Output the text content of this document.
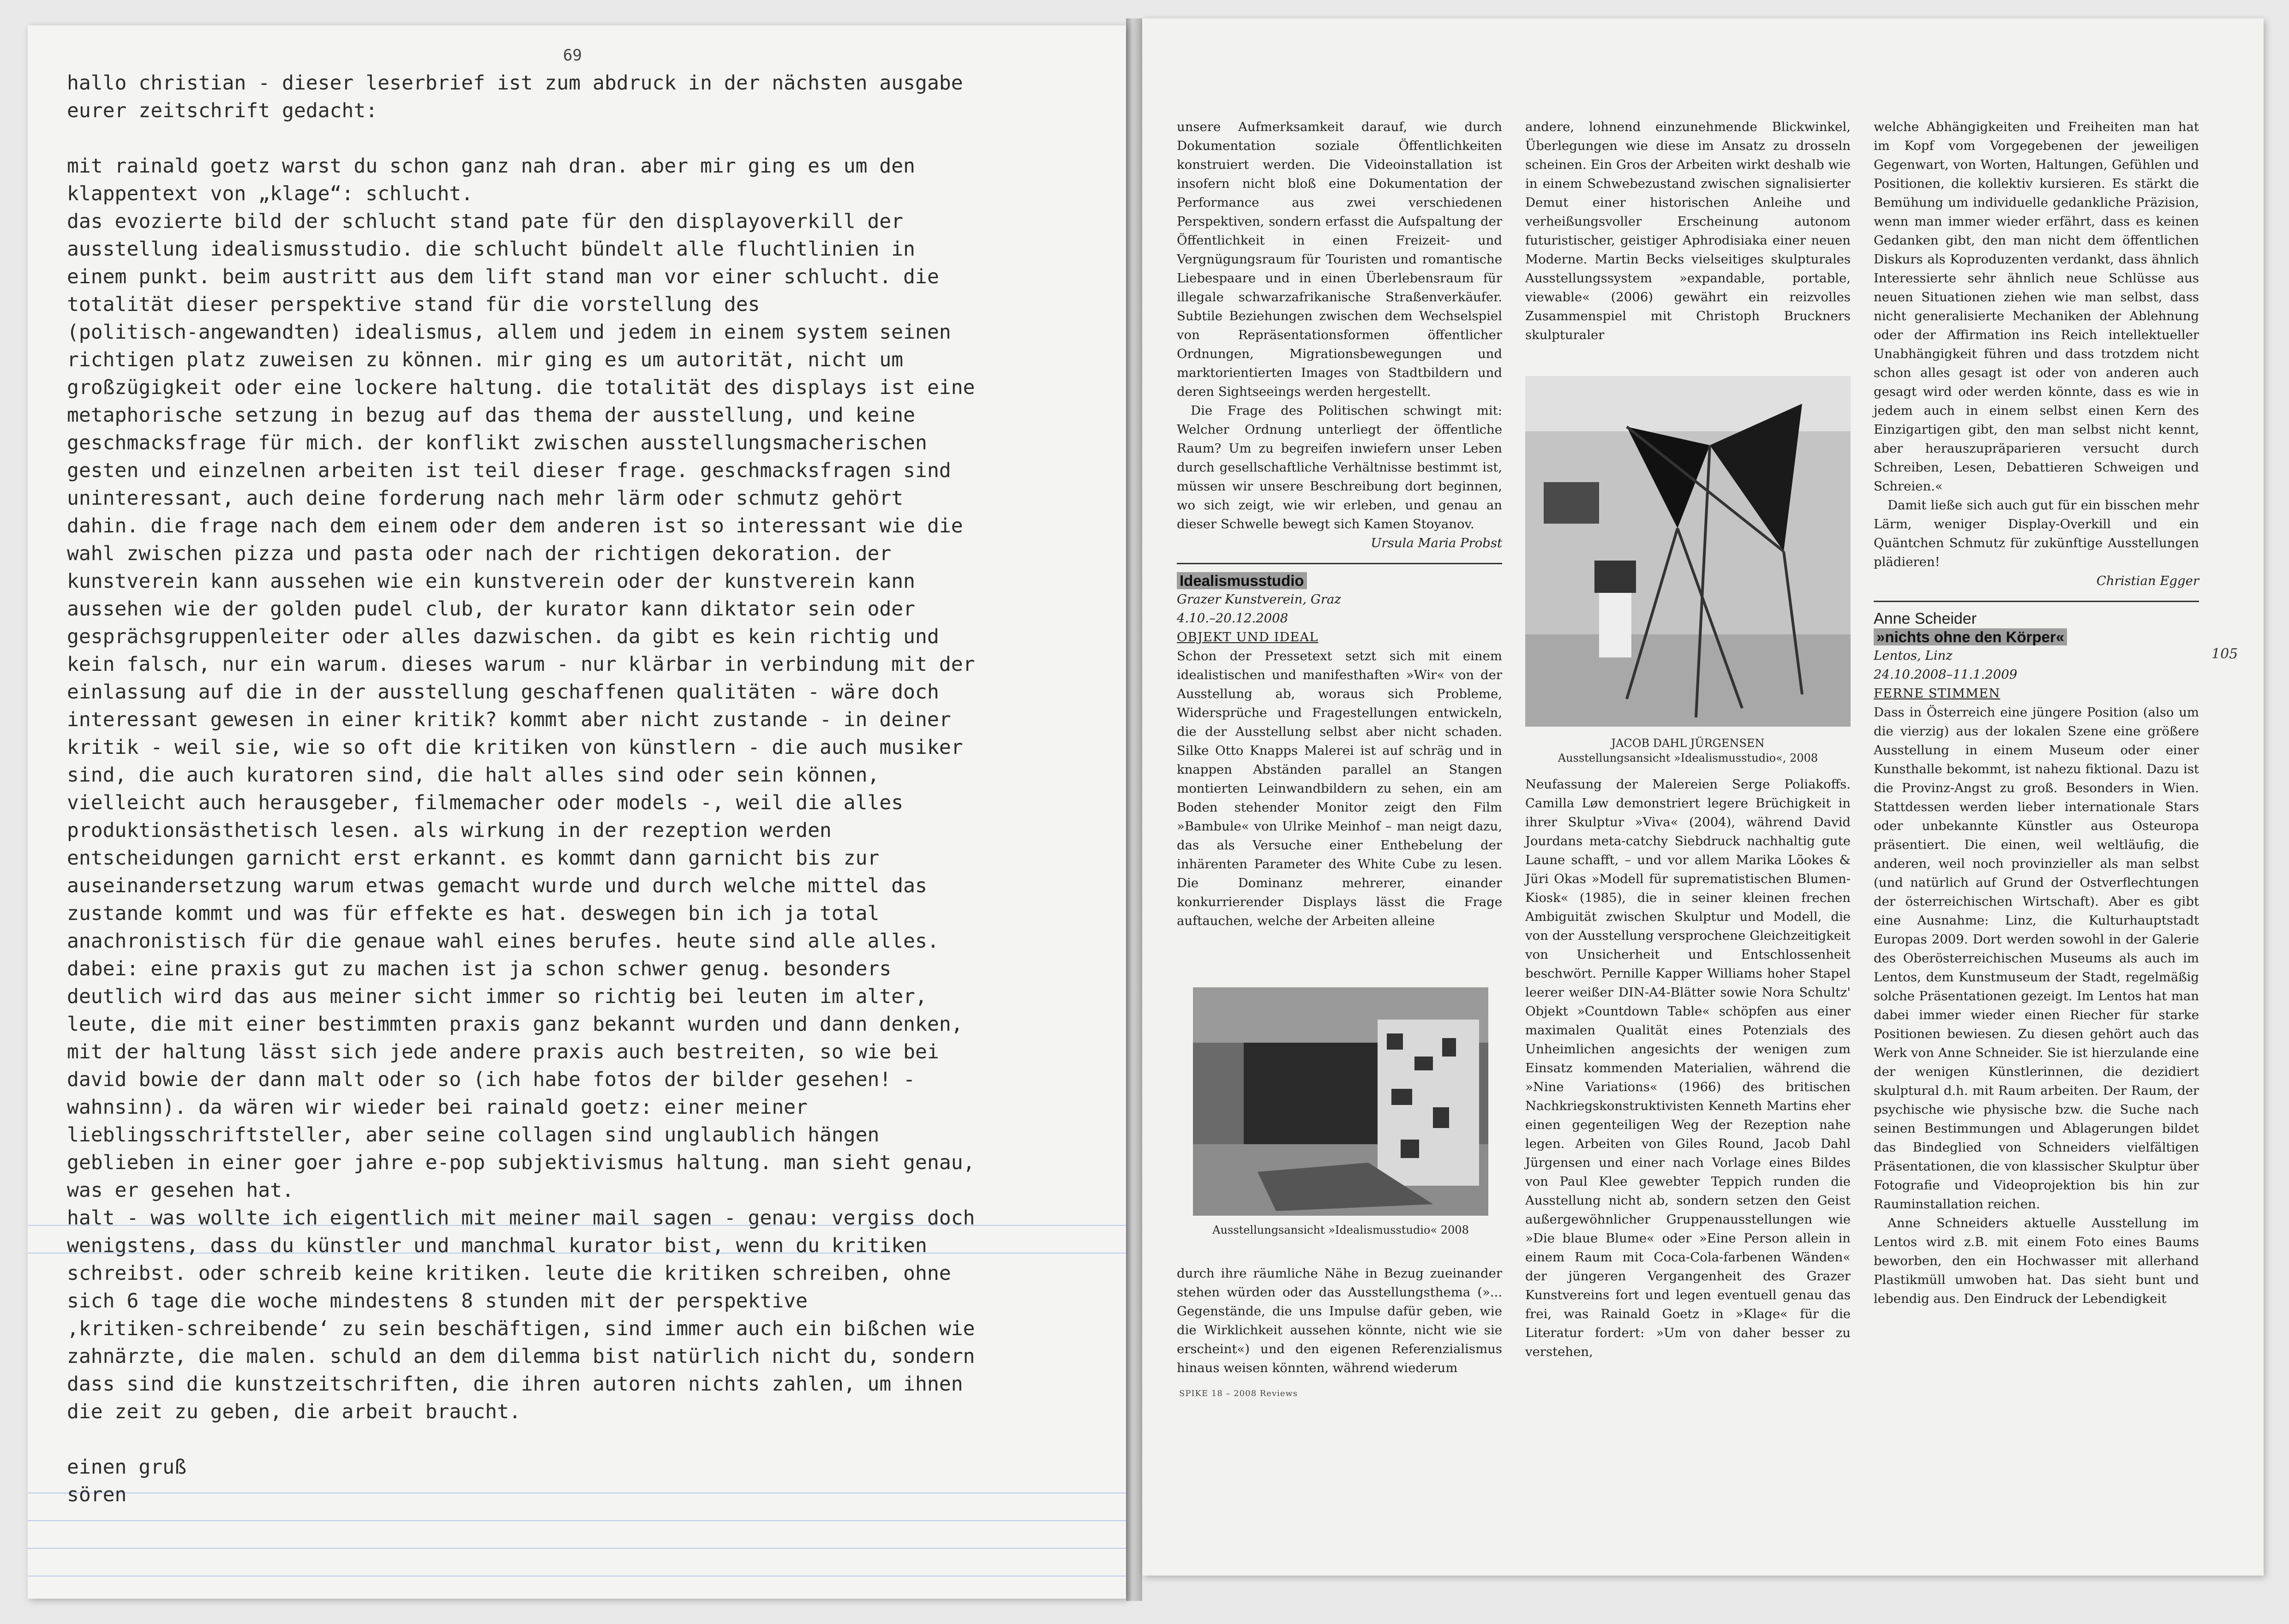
69
hallo christian - dieser leserbrief ist zum abdruck in der nächsten ausgabe
eurer zeitschrift gedacht:

mit rainald goetz warst du schon ganz nah dran. aber mir ging es um den
klappentext von „klage“: schlucht.
das evozierte bild der schlucht stand pate für den displayoverkill der
ausstellung idealismusstudio. die schlucht bündelt alle fluchtlinien in
einem punkt. beim austritt aus dem lift stand man vor einer schlucht. die
totalität dieser perspektive stand für die vorstellung des
(politisch-angewandten) idealismus, allem und jedem in einem system seinen
richtigen platz zuweisen zu können. mir ging es um autorität, nicht um
großzügigkeit oder eine lockere haltung. die totalität des displays ist eine
metaphorische setzung in bezug auf das thema der ausstellung, und keine
geschmacksfrage für mich. der konflikt zwischen ausstellungsmacherischen
gesten und einzelnen arbeiten ist teil dieser frage. geschmacksfragen sind
uninteressant, auch deine forderung nach mehr lärm oder schmutz gehört
dahin. die frage nach dem einem oder dem anderen ist so interessant wie die
wahl zwischen pizza und pasta oder nach der richtigen dekoration. der
kunstverein kann aussehen wie ein kunstverein oder der kunstverein kann
aussehen wie der golden pudel club, der kurator kann diktator sein oder
gesprächsgruppenleiter oder alles dazwischen. da gibt es kein richtig und
kein falsch, nur ein warum. dieses warum - nur klärbar in verbindung mit der
einlassung auf die in der ausstellung geschaffenen qualitäten - wäre doch
interessant gewesen in einer kritik? kommt aber nicht zustande - in deiner
kritik - weil sie, wie so oft die kritiken von künstlern - die auch musiker
sind, die auch kuratoren sind, die halt alles sind oder sein können,
vielleicht auch herausgeber, filmemacher oder models -, weil die alles
produktionsästhetisch lesen. als wirkung in der rezeption werden
entscheidungen garnicht erst erkannt. es kommt dann garnicht bis zur
auseinandersetzung warum etwas gemacht wurde und durch welche mittel das
zustande kommt und was für effekte es hat. deswegen bin ich ja total
anachronistisch für die genaue wahl eines berufes. heute sind alle alles.
dabei: eine praxis gut zu machen ist ja schon schwer genug. besonders
deutlich wird das aus meiner sicht immer so richtig bei leuten im alter,
leute, die mit einer bestimmten praxis ganz bekannt wurden und dann denken,
mit der haltung lässt sich jede andere praxis auch bestreiten, so wie bei
david bowie der dann malt oder so (ich habe fotos der bilder gesehen! -
wahnsinn). da wären wir wieder bei rainald goetz: einer meiner
lieblingsschriftsteller, aber seine collagen sind unglaublich hängen
geblieben in einer goer jahre e-pop subjektivismus haltung. man sieht genau,
was er gesehen hat.
halt - was wollte ich eigentlich mit meiner mail sagen - genau: vergiss doch
wenigstens, dass du künstler und manchmal kurator bist, wenn du kritiken
schreibst. oder schreib keine kritiken. leute die kritiken schreiben, ohne
sich 6 tage die woche mindestens 8 stunden mit der perspektive
‚kritiken-schreibende‘ zu sein beschäftigen, sind immer auch ein bißchen wie
zahnärzte, die malen. schuld an dem dilemma bist natürlich nicht du, sondern
dass sind die kunstzeitschriften, die ihren autoren nichts zahlen, um ihnen
die zeit zu geben, die arbeit braucht.

einen gruß
sören

unsere Aufmerksamkeit darauf, wie durch Dokumentation soziale Öffentlichkeiten konstruiert werden. Die Videoinstallation ist insofern nicht bloß eine Dokumentation der Performance aus zwei verschiedenen Perspektiven, sondern erfasst die Aufspaltung der Öffentlichkeit in einen Freizeit- und Vergnügungsraum für Touristen und romantische Liebespaare und in einen Überlebensraum für illegale schwarzafrikanische Straßenverkäufer. Subtile Beziehungen zwischen dem Wechselspiel von Repräsentationsformen öffentlicher Ordnungen, Migrationsbewegungen und marktorientierten Images von Stadtbildern und deren Sightseeings werden hergestellt.

Die Frage des Politischen schwingt mit: Welcher Ordnung unterliegt der öffentliche Raum? Um zu begreifen inwiefern unser Leben durch gesellschaftliche Verhältnisse bestimmt ist, müssen wir unsere Beschreibung dort beginnen, wo sich zeigt, wie wir erleben, und genau an dieser Schwelle bewegt sich Kamen Stoyanov.

Ursula Maria Probst

Idealismusstudio

Grazer Kunstverein, Graz

4.10.–20.12.2008

OBJEKT UND IDEAL

Schon der Pressetext setzt sich mit einem idealistischen und manifesthaften »Wir« von der Ausstellung ab, woraus sich Probleme, Widersprüche und Fragestellungen entwickeln, die der Ausstellung selbst aber nicht schaden. Silke Otto Knapps Malerei ist auf schräg und in knappen Abständen parallel an Stangen montierten Leinwandbildern zu sehen, ein am Boden stehender Monitor zeigt den Film »Bambule« von Ulrike Meinhof – man neigt dazu, das als Versuche einer Enthebelung der inhärenten Parameter des White Cube zu lesen. Die Dominanz mehrerer, einander konkurrierender Displays lässt die Frage auftauchen, welche der Arbeiten alleine

Ausstellungsansicht »Idealismusstudio« 2008

durch ihre räumliche Nähe in Bezug zueinander stehen würden oder das Ausstellungsthema (»... Gegenstände, die uns Impulse dafür geben, wie die Wirklichkeit aussehen könnte, nicht wie sie erscheint«) und den eigenen Referenzialismus hinaus weisen könnten, während wiederum

andere, lohnend einzunehmende Blickwinkel, Überlegungen wie diese im Ansatz zu drosseln scheinen. Ein Gros der Arbeiten wirkt deshalb wie in einem Schwebezustand zwischen signalisierter Demut einer historischen Anleihe und verheißungsvoller Erscheinung autonom futuristischer, geistiger Aphrodisiaka einer neuen Moderne. Martin Becks vielseitiges skulpturales Ausstellungssystem »expandable, portable, viewable« (2006) gewährt ein reizvolles Zusammenspiel mit Christoph Bruckners skulpturaler

JACOB DAHL JÜRGENSEN
Ausstellungsansicht »Idealismusstudio«, 2008

Neufassung der Malereien Serge Poliakoffs. Camilla Løw demonstriert legere Brüchigkeit in ihrer Skulptur »Viva« (2004), während David Jourdans meta-catchy Siebdruck nachhaltig gute Laune schafft, – und vor allem Marika Lõokes & Jüri Okas »Modell für suprematistischen Blumen-Kiosk« (1985), die in seiner kleinen frechen Ambiguität zwischen Skulptur und Modell, die von der Ausstellung versprochene Gleichzeitigkeit von Unsicherheit und Entschlossenheit beschwört. Pernille Kapper Williams hoher Stapel leerer weißer DIN-A4-Blätter sowie Nora Schultz' Objekt »Countdown Table« schöpfen aus einer maximalen Qualität eines Potenzials des Unheimlichen angesichts der wenigen zum Einsatz kommenden Materialien, während die »Nine Variations« (1966) des britischen Nachkriegskonstruktivisten Kenneth Martins eher einen gegenteiligen Weg der Rezeption nahe legen. Arbeiten von Giles Round, Jacob Dahl Jürgensen und einer nach Vorlage eines Bildes von Paul Klee gewebter Teppich runden die Ausstellung nicht ab, sondern setzen den Geist außergewöhnlicher Gruppenausstellungen wie »Die blaue Blume« oder »Eine Person allein in einem Raum mit Coca-Cola-farbenen Wänden« der jüngeren Vergangenheit des Grazer Kunstvereins fort und legen eventuell genau das frei, was Rainald Goetz in »Klage« für die Literatur fordert: »Um von daher besser zu verstehen,

welche Abhängigkeiten und Freiheiten man hat im Kopf vom Vorgegebenen der jeweiligen Gegenwart, von Worten, Haltungen, Gefühlen und Positionen, die kollektiv kursieren. Es stärkt die Bemühung um individuelle gedankliche Präzision, wenn man immer wieder erfährt, dass es keinen Gedanken gibt, den man nicht dem öffentlichen Diskurs als Koproduzenten verdankt, dass ähnlich Interessierte sehr ähnlich neue Schlüsse aus neuen Situationen ziehen wie man selbst, dass nicht generalisierte Mechaniken der Ablehnung oder der Affirmation ins Reich intellektueller Unabhängigkeit führen und dass trotzdem nicht schon alles gesagt ist oder von anderen auch gesagt wird oder werden könnte, dass es wie in jedem auch in einem selbst einen Kern des Einzigartigen gibt, den man selbst nicht kennt, aber herauszupräparieren versucht durch Schreiben, Lesen, Debattieren Schweigen und Schreien.«

Damit ließe sich auch gut für ein bisschen mehr Lärm, weniger Display-Overkill und ein Quäntchen Schmutz für zukünftige Ausstellungen plädieren!

Christian Egger

Anne Scheider
»nichts ohne den Körper«

Lentos, Linz

24.10.2008–11.1.2009

FERNE STIMMEN

Dass in Österreich eine jüngere Position (also um die vierzig) aus der lokalen Szene eine größere Ausstellung in einem Museum oder einer Kunsthalle bekommt, ist nahezu fiktional. Dazu ist die Provinz-Angst zu groß. Besonders in Wien. Stattdessen werden lieber internationale Stars oder unbekannte Künstler aus Osteuropa präsentiert. Die einen, weil weltläufig, die anderen, weil noch provinzieller als man selbst (und natürlich auf Grund der Ostverflechtungen der österreichischen Wirtschaft). Aber es gibt eine Ausnahme: Linz, die Kulturhauptstadt Europas 2009. Dort werden sowohl in der Galerie des Oberösterreichischen Museums als auch im Lentos, dem Kunstmuseum der Stadt, regelmäßig solche Präsentationen gezeigt. Im Lentos hat man dabei immer wieder einen Riecher für starke Positionen bewiesen. Zu diesen gehört auch das Werk von Anne Schneider. Sie ist hierzulande eine der wenigen Künstlerinnen, die dezidiert skulptural d.h. mit Raum arbeiten. Der Raum, der psychische wie physische bzw. die Suche nach seinen Bestimmungen und Ablagerungen bildet das Bindeglied von Schneiders vielfältigen Präsentationen, die von klassischer Skulptur über Fotografie und Videoprojektion bis hin zur Rauminstallation reichen.

Anne Schneiders aktuelle Ausstellung im Lentos wird z.B. mit einem Foto eines Baums beworben, den ein Hochwasser mit allerhand Plastikmüll umwoben hat. Das sieht bunt und lebendig aus. Den Eindruck der Lebendigkeit

105
SPIKE 18 – 2008 Reviews
